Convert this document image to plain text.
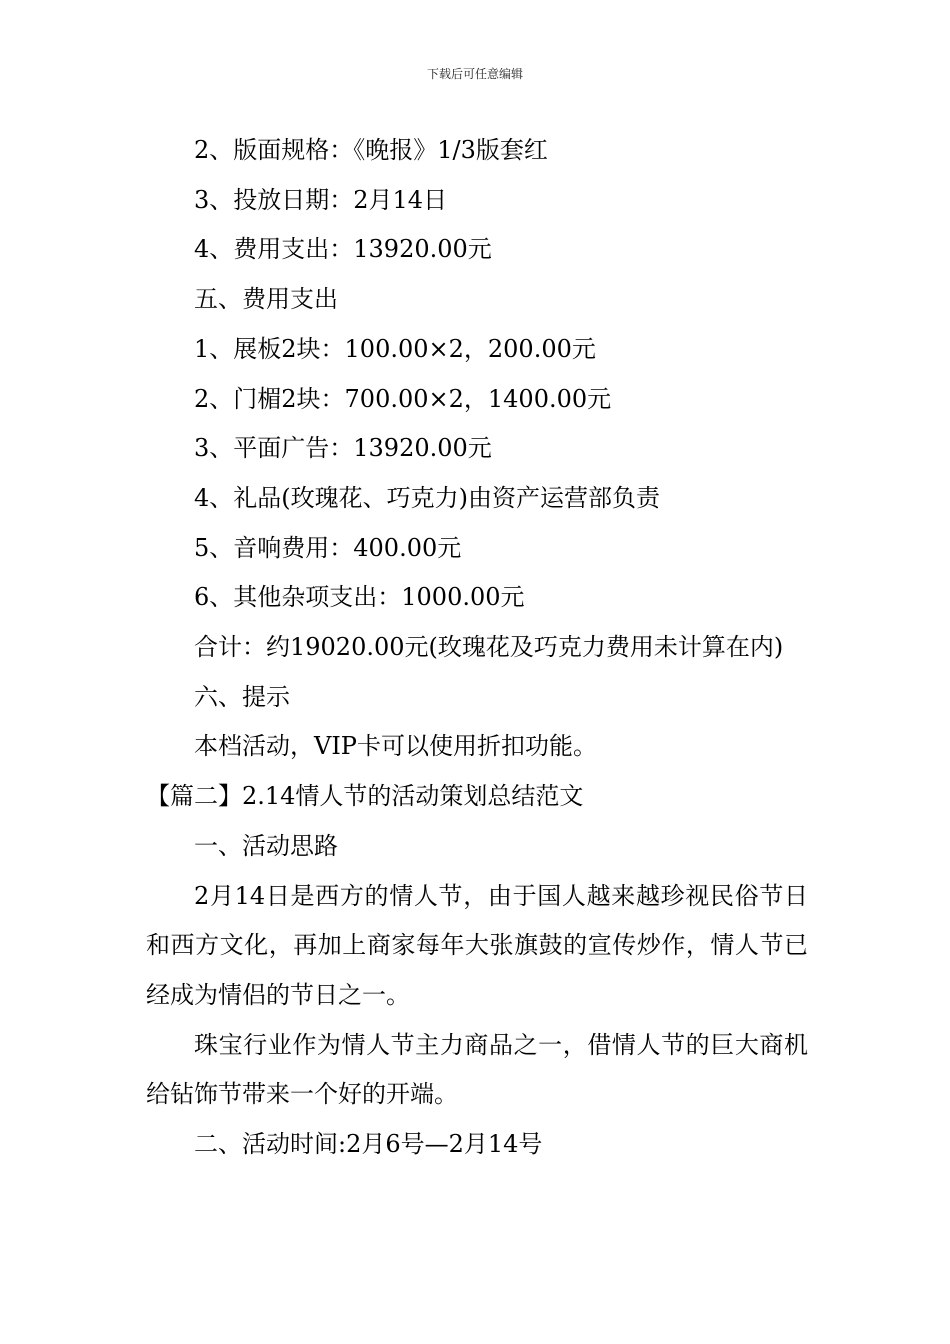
下载后可任意编辑

2、版面规格：《晚报》1/3版套红

3、投放日期：2月14日

4、费用支出：13920.00元

五、费用支出

1、展板2块：100.00×2，200.00元

2、门楣2块：700.00×2，1400.00元

3、平面广告：13920.00元

4、礼品(玫瑰花、巧克力)由资产运营部负责

5、音响费用：400.00元

6、其他杂项支出：1000.00元

合计：约19020.00元(玫瑰花及巧克力费用未计算在内)

六、提示

本档活动，VIP卡可以使用折扣功能。

【篇二】2.14情人节的活动策划总结范文

一、活动思路

2月14日是西方的情人节，由于国人越来越珍视民俗节日和西方文化，再加上商家每年大张旗鼓的宣传炒作，情人节已经成为情侣的节日之一。

珠宝行业作为情人节主力商品之一，借情人节的巨大商机给钻饰节带来一个好的开端。

二、活动时间:2月6号—2月14号
